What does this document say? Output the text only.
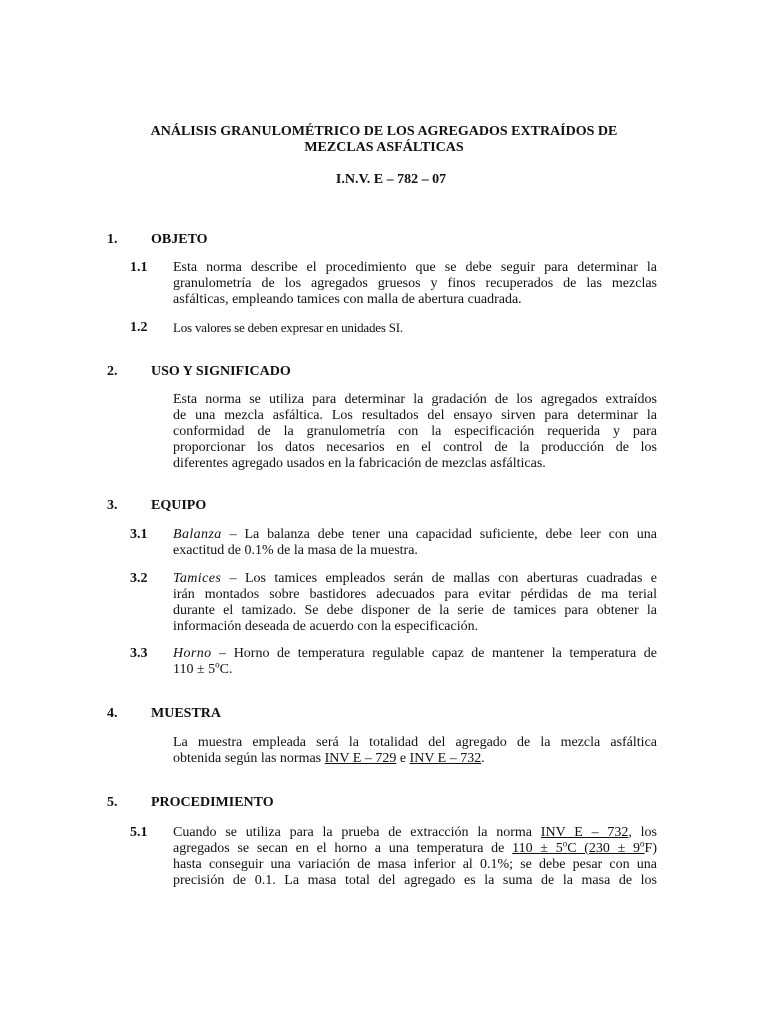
ANÁLISIS GRANULOMÉTRICO DE LOS AGREGADOS EXTRAÍDOS DE
MEZCLAS ASFÁLTICAS
I.N.V. E – 782 – 07
1. OBJETO
1.1 Esta norma describe el procedimiento que se debe seguir para determinar la
granulometría de los agregados gruesos y finos recuperados de las mezclas
asfálticas, empleando tamices con malla de abertura cuadrada.
1.2 Los valores se deben expresar en unidades SI.
2. USO Y SIGNIFICADO
Esta norma se utiliza para determinar la gradación de los agregados extraídos
de una mezcla asfáltica. Los resultados del ensayo sirven para determinar la
conformidad de la granulometría con la especificación requerida y para
proporcionar los datos necesarios en el control de la producción de los
diferentes agregado usados en la fabricación de mezclas asfálticas.
3. EQUIPO
3.1 Balanza – La balanza debe tener una capacidad suficiente, debe leer con una
exactitud de 0.1% de la masa de la muestra.
3.2 Tamices – Los tamices empleados serán de mallas con aberturas cuadradas e
irán montados sobre bastidores adecuados para evitar pérdidas de ma terial
durante el tamizado. Se debe disponer de la serie de tamices para obtener la
información deseada de acuerdo con la especificación.
3.3 Horno – Horno de temperatura regulable capaz de mantener la temperatura de
$110 \pm 5^oC$.
4. MUESTRA
La muestra empleada será la totalidad del agregado de la mezcla asfáltica
obtenida según las normas INV E – 729 e INV E – 732.
5. PROCEDIMIENTO
5.1 Cuando se utiliza para la prueba de extracción la norma INV E – 732, los
agregados se secan en el horno a una temperatura de $110 \pm 5^oC$ $(230 \pm 9^oF)$
hasta conseguir una variación de masa inferior al 0.1%; se debe pesar con una
precisión de 0.1. La masa total del agregado es la suma de la masa de los
